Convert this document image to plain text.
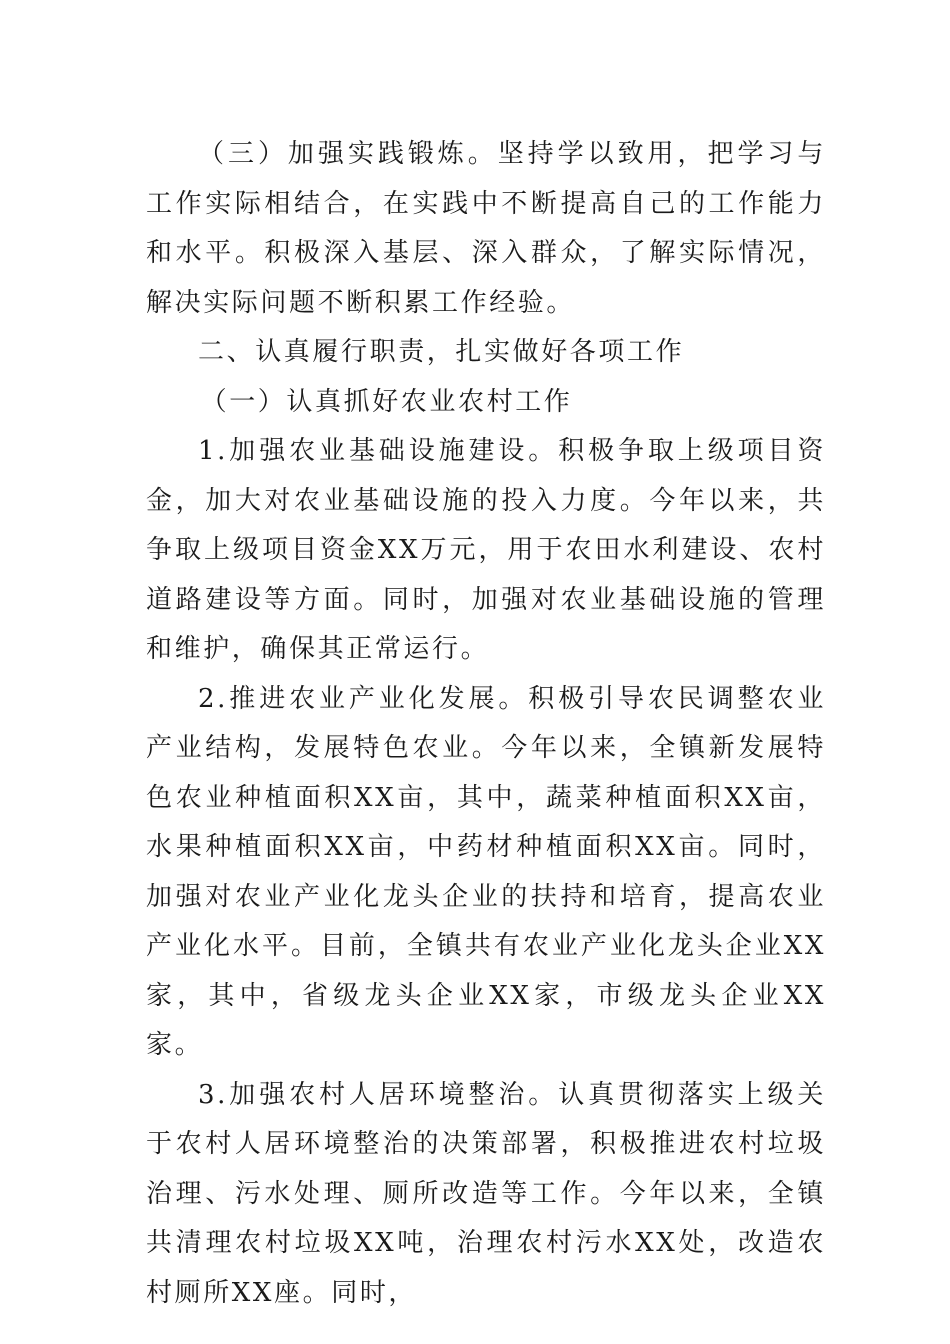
（三）加强实践锻炼。坚持学以致用，把学习与工作实际相结合，在实践中不断提高自己的工作能力和水平。积极深入基层、深入群众，了解实际情况，解决实际问题不断积累工作经验。

二、认真履行职责，扎实做好各项工作

（一）认真抓好农业农村工作

1.加强农业基础设施建设。积极争取上级项目资金，加大对农业基础设施的投入力度。今年以来，共争取上级项目资金XX万元，用于农田水利建设、农村道路建设等方面。同时，加强对农业基础设施的管理和维护，确保其正常运行。

2.推进农业产业化发展。积极引导农民调整农业产业结构，发展特色农业。今年以来，全镇新发展特色农业种植面积XX亩，其中，蔬菜种植面积XX亩，水果种植面积XX亩，中药材种植面积XX亩。同时，加强对农业产业化龙头企业的扶持和培育，提高农业产业化水平。目前，全镇共有农业产业化龙头企业XX家，其中，省级龙头企业XX家，市级龙头企业XX家。

3.加强农村人居环境整治。认真贯彻落实上级关于农村人居环境整治的决策部署，积极推进农村垃圾治理、污水处理、厕所改造等工作。今年以来，全镇共清理农村垃圾XX吨，治理农村污水XX处，改造农村厕所XX座。同时，
